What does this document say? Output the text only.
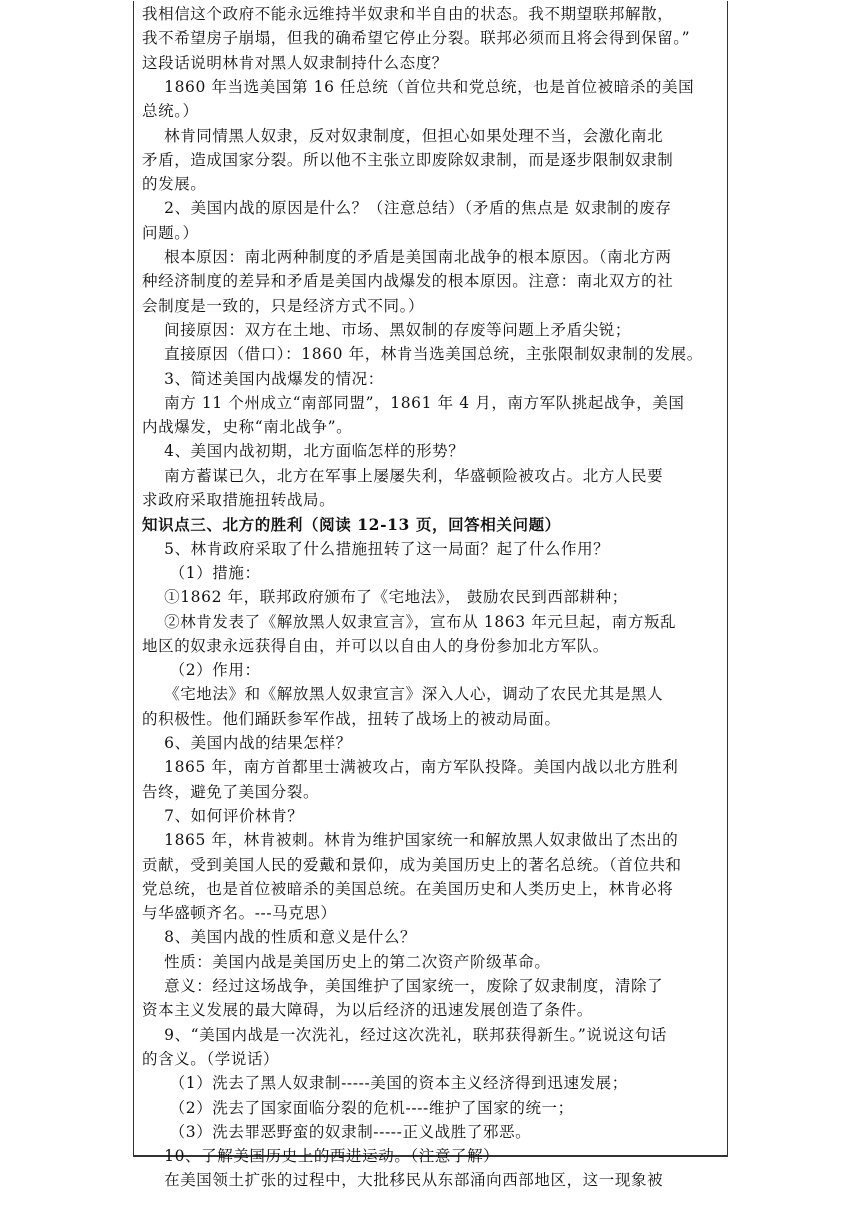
我相信这个政府不能永远维持半奴隶和半自由的状态。我不期望联邦解散，
我不希望房子崩塌，但我的确希望它停止分裂。联邦必须而且将会得到保留。”
这段话说明林肯对黑人奴隶制持什么态度？
1860 年当选美国第 16 任总统（首位共和党总统，也是首位被暗杀的美国
总统。）
林肯同情黑人奴隶，反对奴隶制度，但担心如果处理不当，会激化南北
矛盾，造成国家分裂。所以他不主张立即废除奴隶制，而是逐步限制奴隶制
的发展。
2、美国内战的原因是什么？（注意总结）（矛盾的焦点是 奴隶制的废存
问题。）
根本原因：南北两种制度的矛盾是美国南北战争的根本原因。（南北方两
种经济制度的差异和矛盾是美国内战爆发的根本原因。注意：南北双方的社
会制度是一致的，只是经济方式不同。）
间接原因：双方在土地、市场、黑奴制的存废等问题上矛盾尖锐；
直接原因（借口）：1860 年，林肯当选美国总统，主张限制奴隶制的发展。
3、简述美国内战爆发的情况：
南方 11 个州成立“南部同盟”，1861 年 4 月，南方军队挑起战争，美国
内战爆发，史称“南北战争”。
4、美国内战初期，北方面临怎样的形势？
南方蓄谋已久，北方在军事上屡屡失利，华盛顿险被攻占。北方人民要
求政府采取措施扭转战局。
知识点三、北方的胜利（阅读 12-13 页，回答相关问题）
5、林肯政府采取了什么措施扭转了这一局面？起了什么作用？
（1）措施：
①1862 年，联邦政府颁布了《宅地法》， 鼓励农民到西部耕种；
②林肯发表了《解放黑人奴隶宣言》，宣布从 1863 年元旦起，南方叛乱
地区的奴隶永远获得自由，并可以以自由人的身份参加北方军队。
（2）作用：
《宅地法》和《解放黑人奴隶宣言》深入人心，调动了农民尤其是黑人
的积极性。他们踊跃参军作战，扭转了战场上的被动局面。
6、美国内战的结果怎样？
1865 年，南方首都里士满被攻占，南方军队投降。美国内战以北方胜利
告终，避免了美国分裂。
7、如何评价林肯？
1865 年，林肯被刺。林肯为维护国家统一和解放黑人奴隶做出了杰出的
贡献，受到美国人民的爱戴和景仰，成为美国历史上的著名总统。（首位共和
党总统，也是首位被暗杀的美国总统。在美国历史和人类历史上，林肯必将
与华盛顿齐名。---马克思）
8、美国内战的性质和意义是什么？
性质：美国内战是美国历史上的第二次资产阶级革命。
意义：经过这场战争，美国维护了国家统一，废除了奴隶制度，清除了
资本主义发展的最大障碍，为以后经济的迅速发展创造了条件。
9、“美国内战是一次洗礼，经过这次洗礼，联邦获得新生。”说说这句话
的含义。（学说话）
（1）洗去了黑人奴隶制-----美国的资本主义经济得到迅速发展；
（2）洗去了国家面临分裂的危机----维护了国家的统一；
（3）洗去罪恶野蛮的奴隶制-----正义战胜了邪恶。
10、了解美国历史上的西进运动。（注意了解）
在美国领土扩张的过程中，大批移民从东部涌向西部地区，这一现象被
